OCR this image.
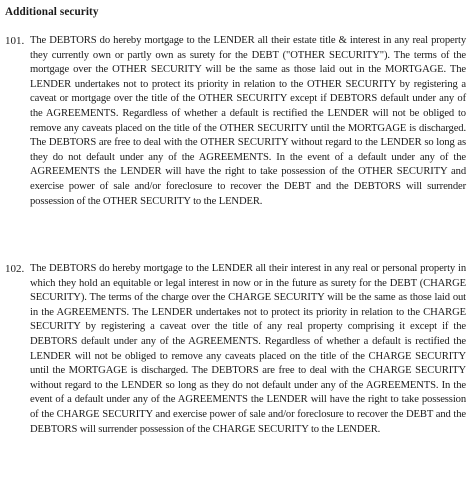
Additional security
101. The DEBTORS do hereby mortgage to the LENDER all their estate title & interest in any real property they currently own or partly own as surety for the DEBT ("OTHER SECURITY"). The terms of the mortgage over the OTHER SECURITY will be the same as those laid out in the MORTGAGE. The LENDER undertakes not to protect its priority in relation to the OTHER SECURITY by registering a caveat or mortgage over the title of the OTHER SECURITY except if DEBTORS default under any of the AGREEMENTS. Regardless of whether a default is rectified the LENDER will not be obliged to remove any caveats placed on the title of the OTHER SECURITY until the MORTGAGE is discharged. The DEBTORS are free to deal with the OTHER SECURITY without regard to the LENDER so long as they do not default under any of the AGREEMENTS. In the event of a default under any of the AGREEMENTS the LENDER will have the right to take possession of the OTHER SECURITY and exercise power of sale and/or foreclosure to recover the DEBT and the DEBTORS will surrender possession of the OTHER SECURITY to the LENDER.
102. The DEBTORS do hereby mortgage to the LENDER all their interest in any real or personal property in which they hold an equitable or legal interest in now or in the future as surety for the DEBT (CHARGE SECURITY). The terms of the charge over the CHARGE SECURITY will be the same as those laid out in the AGREEMENTS. The LENDER undertakes not to protect its priority in relation to the CHARGE SECURITY by registering a caveat over the title of any real property comprising it except if the DEBTORS default under any of the AGREEMENTS. Regardless of whether a default is rectified the LENDER will not be obliged to remove any caveats placed on the title of the CHARGE SECURITY until the MORTGAGE is discharged. The DEBTORS are free to deal with the CHARGE SECURITY without regard to the LENDER so long as they do not default under any of the AGREEMENTS. In the event of a default under any of the AGREEMENTS the LENDER will have the right to take possession of the CHARGE SECURITY and exercise power of sale and/or foreclosure to recover the DEBT and the DEBTORS will surrender possession of the CHARGE SECURITY to the LENDER.
